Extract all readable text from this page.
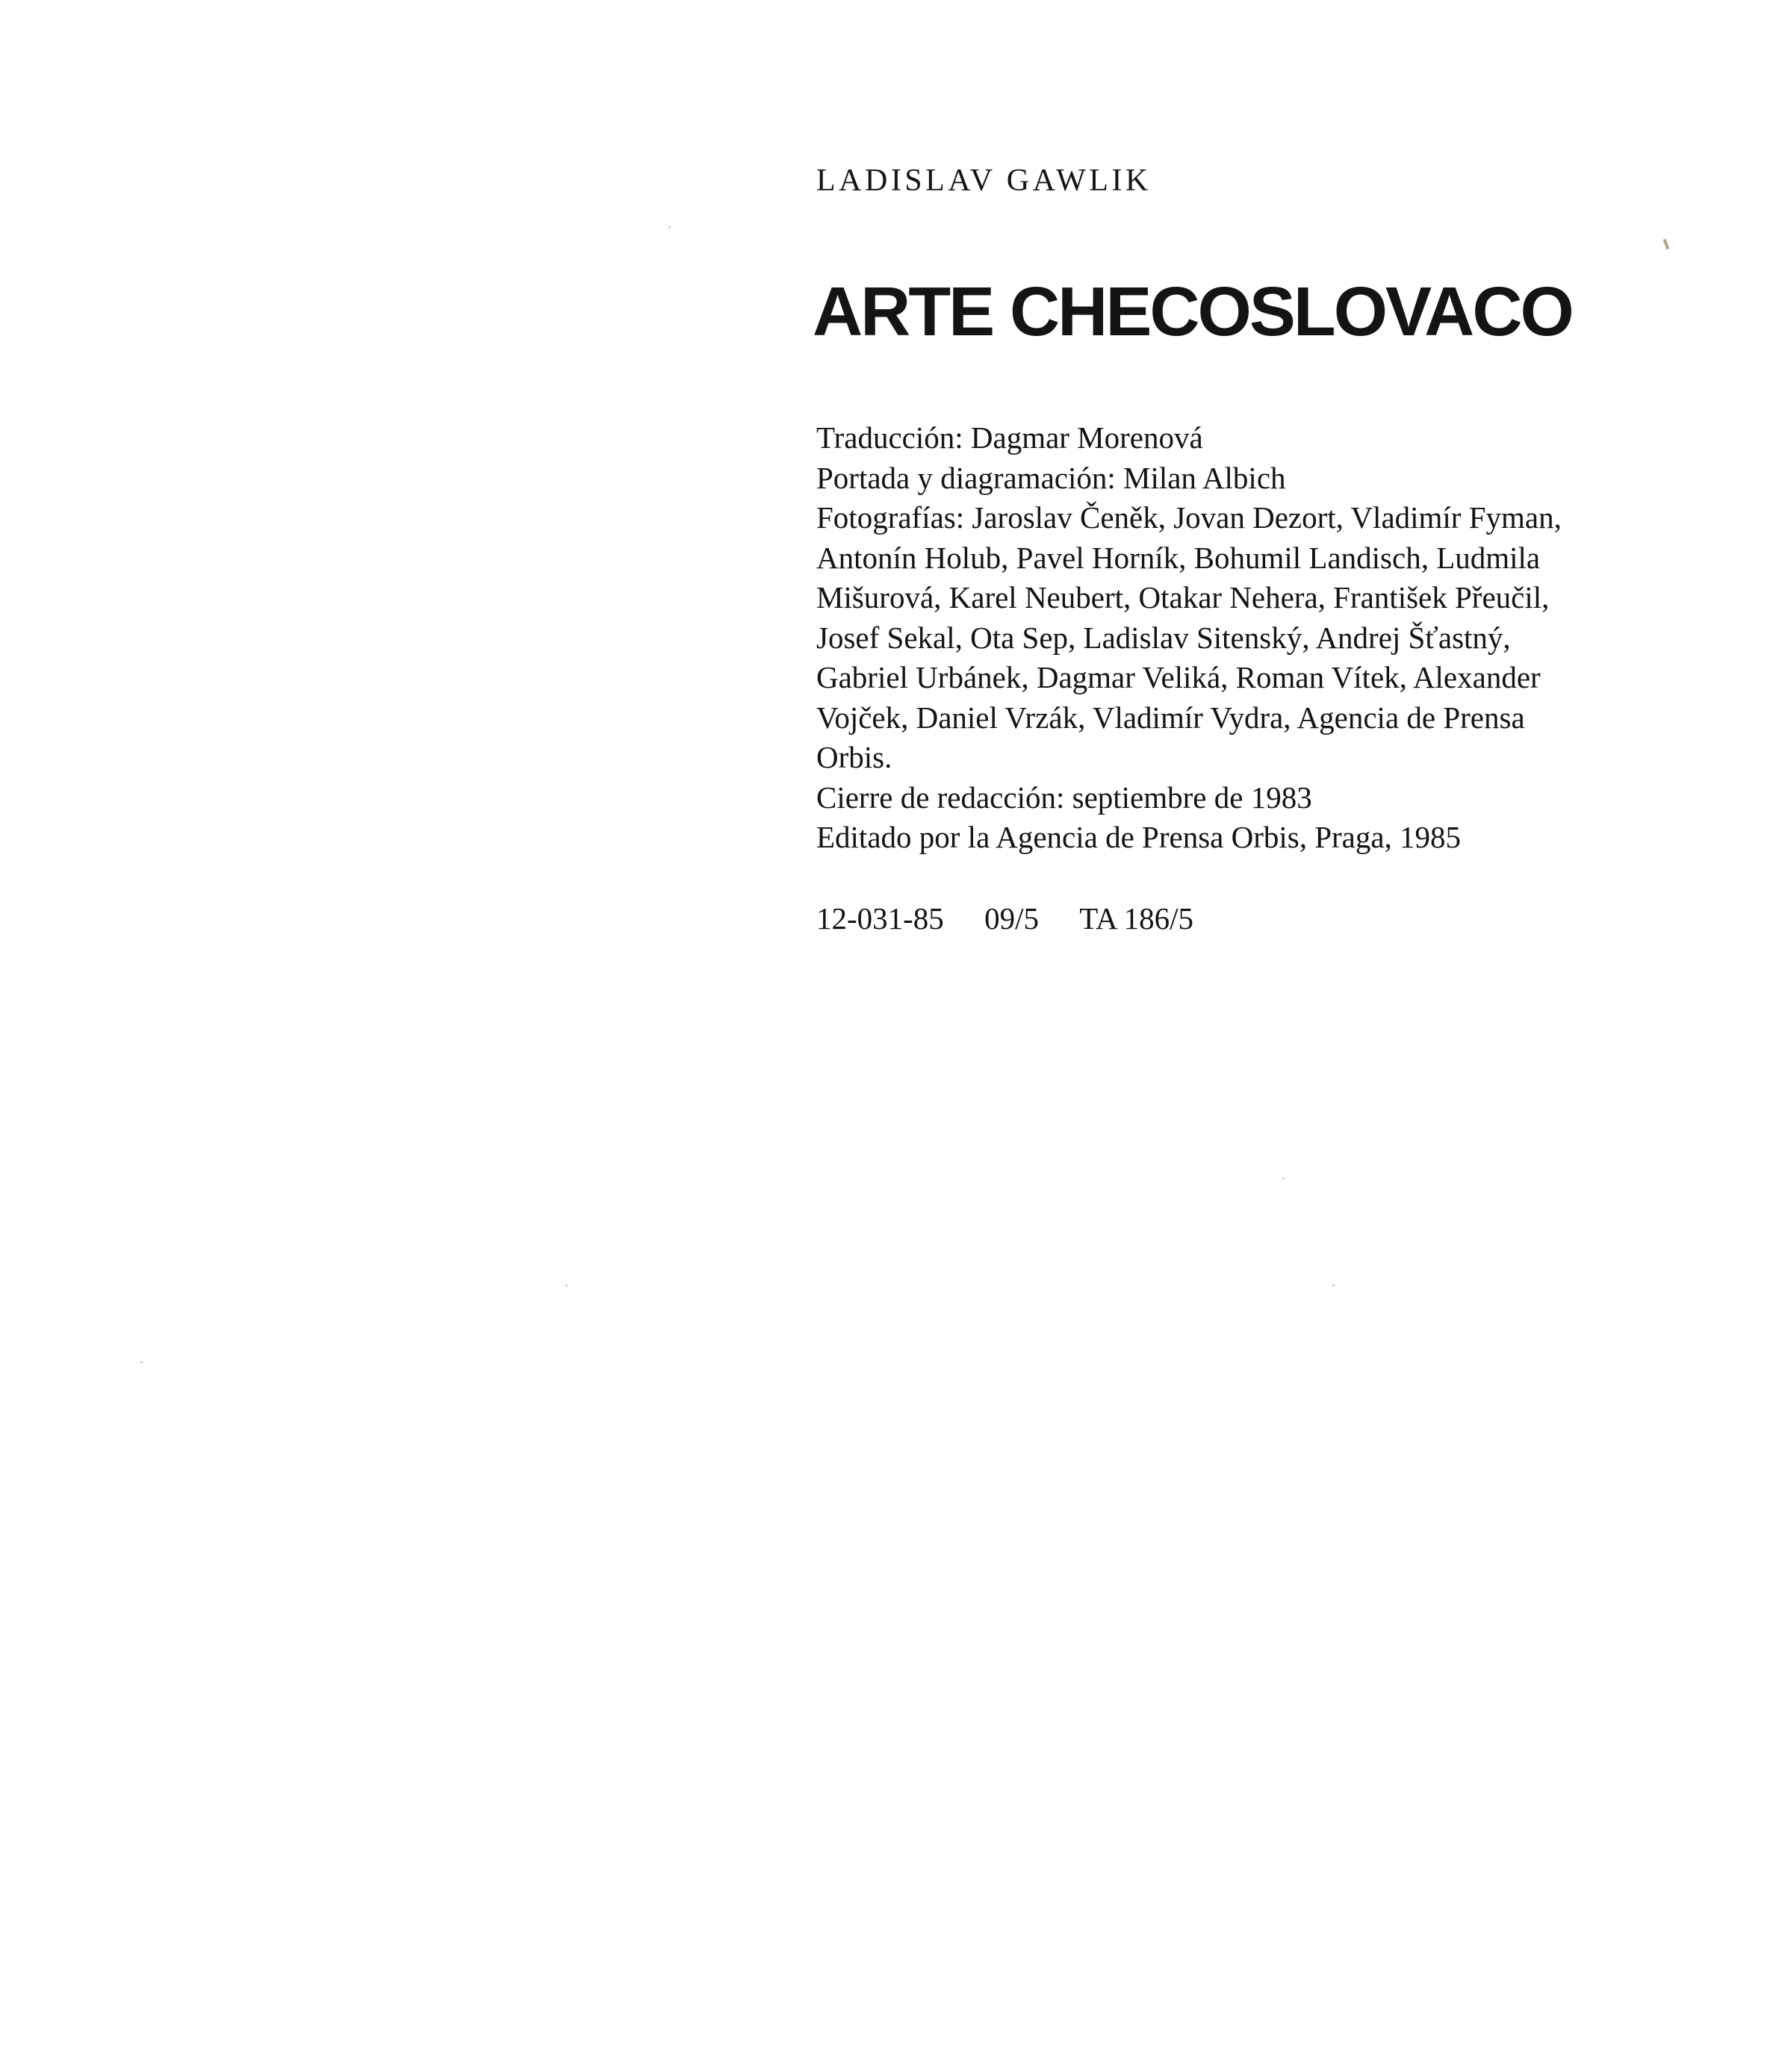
LADISLAV GAWLIK
ARTE CHECOSLOVACO
Traducción: Dagmar Morenová
Portada y diagramación: Milan Albich
Fotografías: Jaroslav Čeněk, Jovan Dezort, Vladimír Fyman,
Antonín Holub, Pavel Horník, Bohumil Landisch, Ludmila
Mišurová, Karel Neubert, Otakar Nehera, František Přeučil,
Josef Sekal, Ota Sep, Ladislav Sitenský, Andrej Šťastný,
Gabriel Urbánek, Dagmar Veliká, Roman Vítek, Alexander
Vojček, Daniel Vrzák, Vladimír Vydra, Agencia de Prensa
Orbis.
Cierre de redacción: septiembre de 1983
Editado por la Agencia de Prensa Orbis, Praga, 1985
12-031-85 09/5 TA 186/5
